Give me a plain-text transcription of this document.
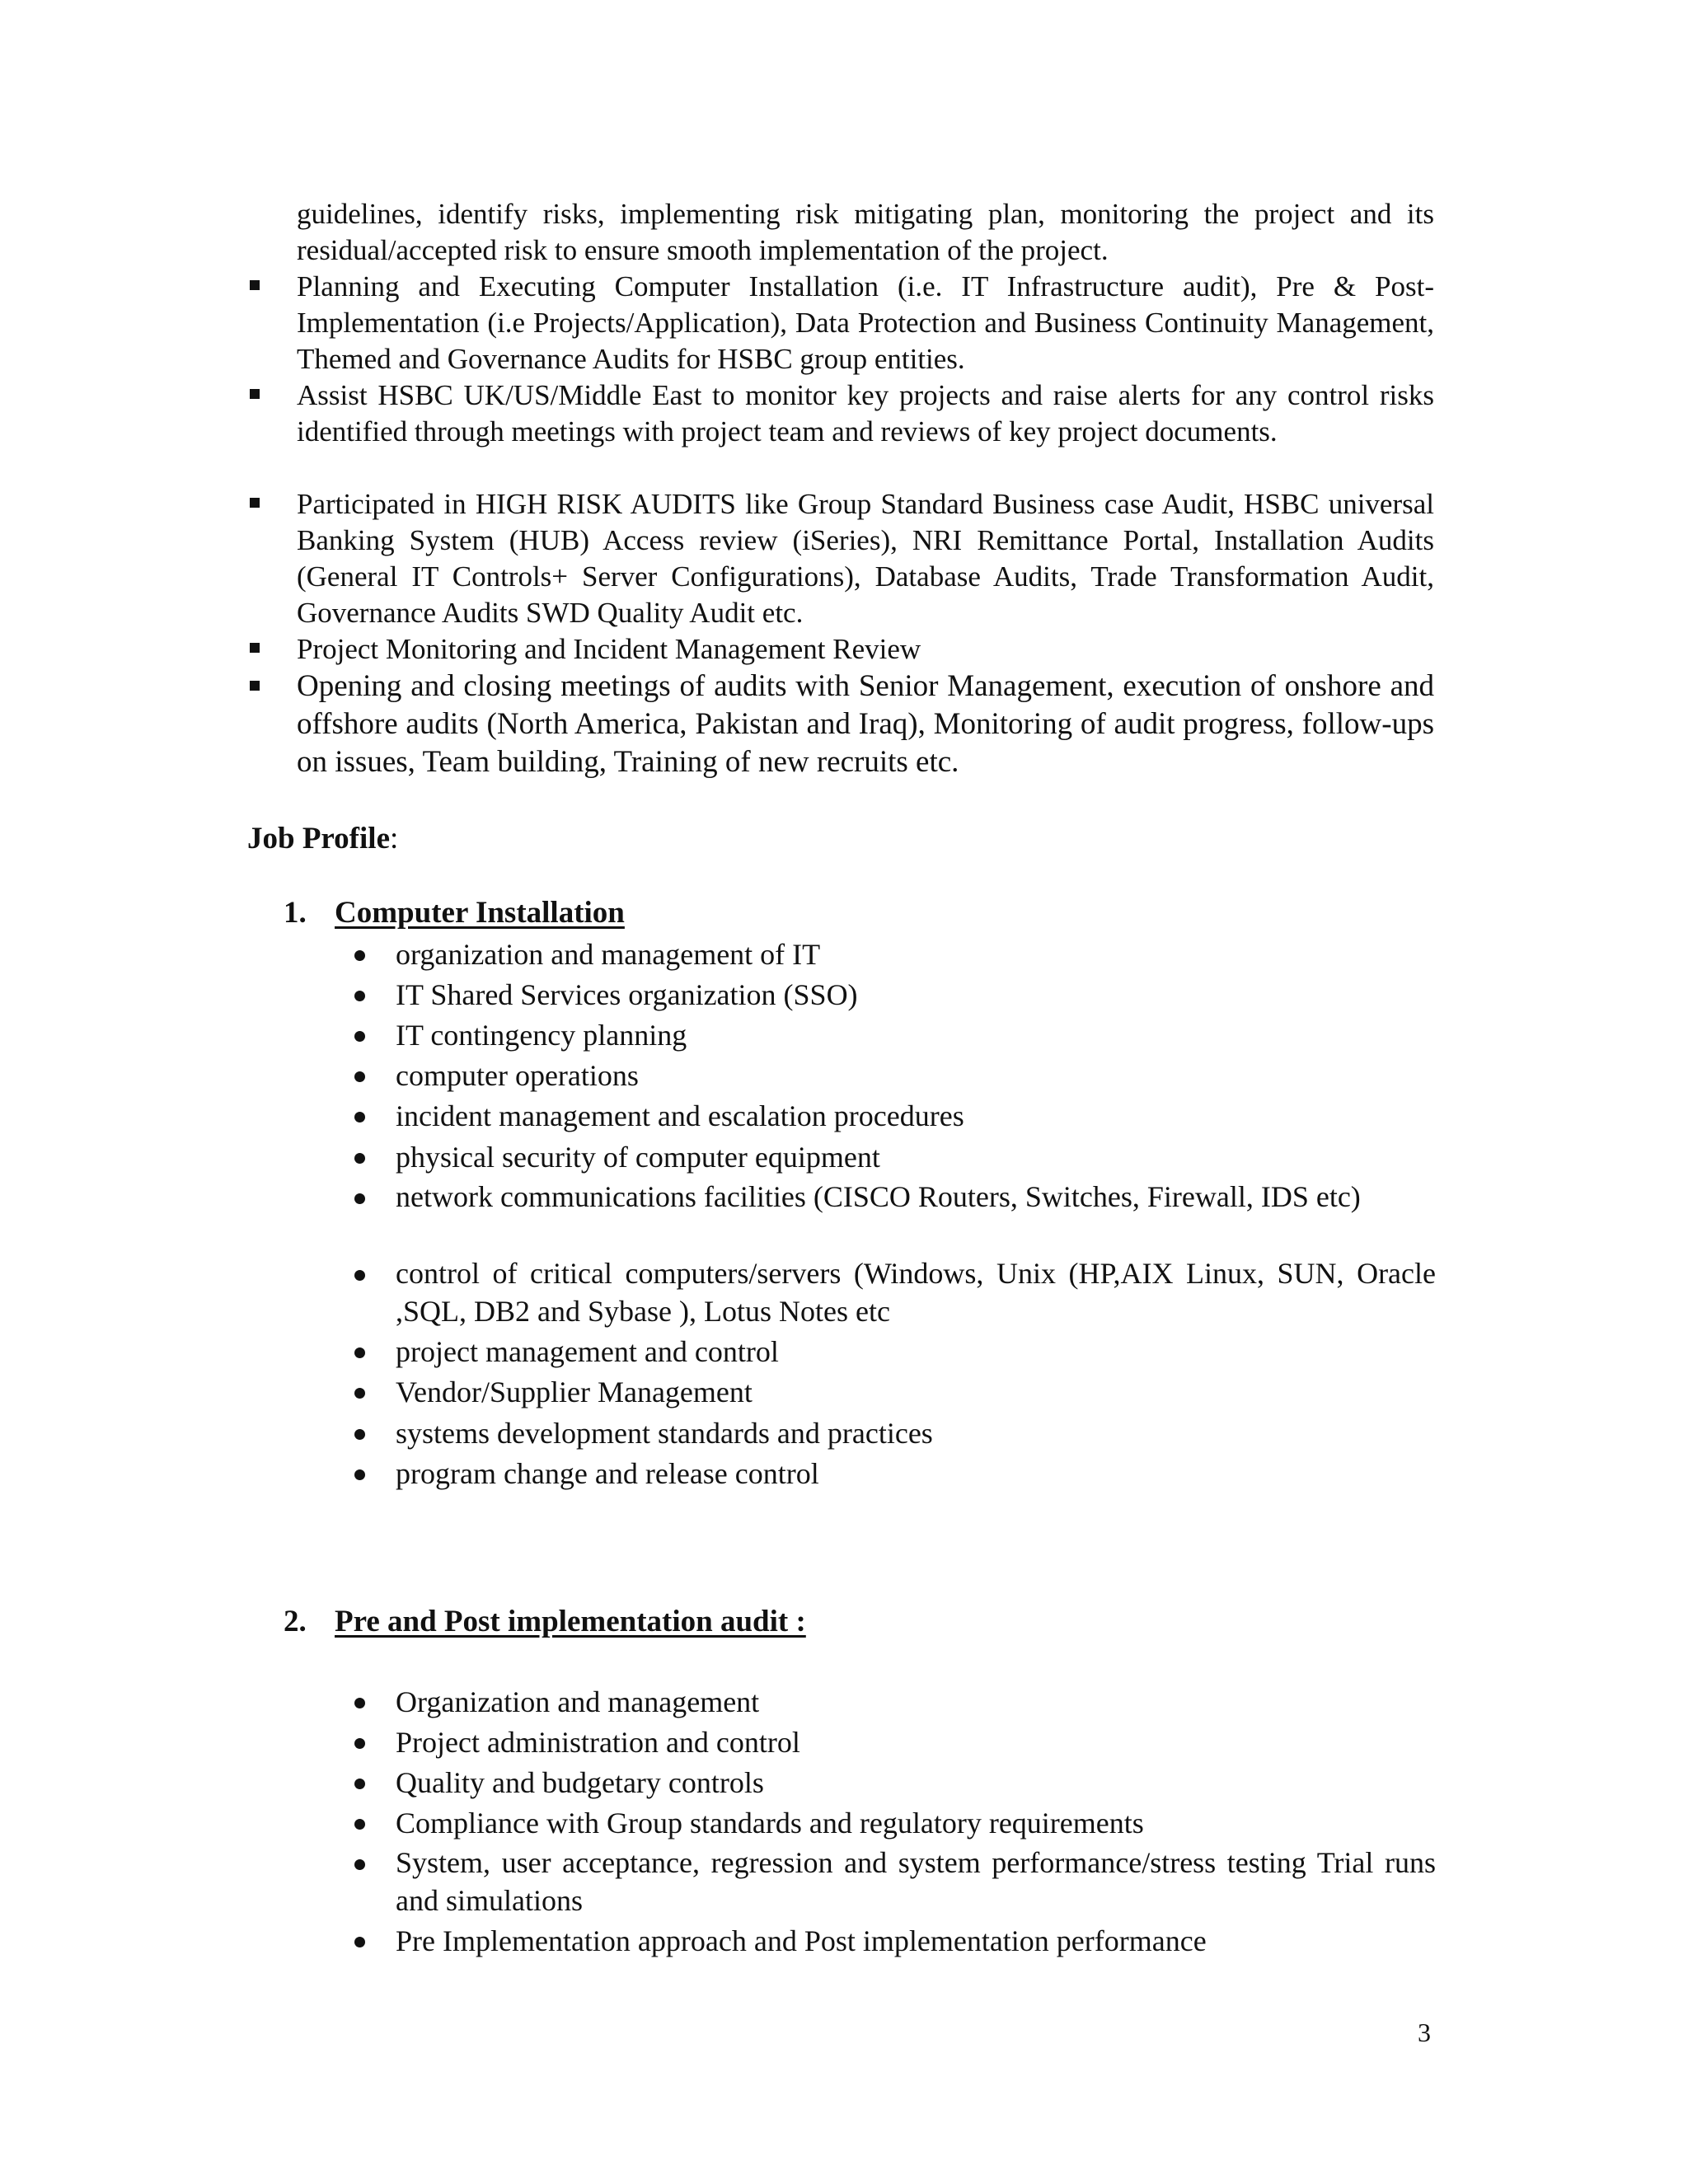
guidelines, identify risks, implementing risk mitigating plan, monitoring the project and its residual/accepted risk to ensure smooth implementation of the project.
Planning and Executing Computer Installation (i.e. IT Infrastructure audit), Pre & Post-Implementation (i.e Projects/Application), Data Protection and Business Continuity Management, Themed and Governance Audits for HSBC group entities.
Assist HSBC UK/US/Middle East to monitor key projects and raise alerts for any control risks identified through meetings with project team and reviews of key project documents.
Participated in HIGH RISK AUDITS like Group Standard Business case Audit, HSBC universal Banking System (HUB) Access review (iSeries), NRI Remittance Portal, Installation Audits (General IT Controls+ Server Configurations), Database Audits, Trade Transformation Audit, Governance Audits SWD Quality Audit etc.
Project Monitoring and Incident Management Review
Opening and closing meetings of audits with Senior Management, execution of onshore and offshore audits (North America, Pakistan and Iraq), Monitoring of audit progress, follow-ups on issues, Team building, Training of new recruits etc.
Job Profile:
1. Computer Installation
organization and management of IT
IT Shared Services organization (SSO)
IT contingency planning
computer operations
incident management and escalation procedures
physical security of computer equipment
network communications facilities (CISCO Routers, Switches, Firewall, IDS etc)
control of critical computers/servers (Windows, Unix (HP,AIX Linux, SUN, Oracle ,SQL, DB2 and Sybase ), Lotus Notes etc
project management and control
Vendor/Supplier Management
systems development standards and practices
program change and release control
2. Pre and Post implementation audit :
Organization and management
Project administration and control
Quality and budgetary controls
Compliance with Group standards and regulatory requirements
System, user acceptance, regression and system performance/stress testing Trial runs and simulations
Pre Implementation approach and Post implementation performance
3
